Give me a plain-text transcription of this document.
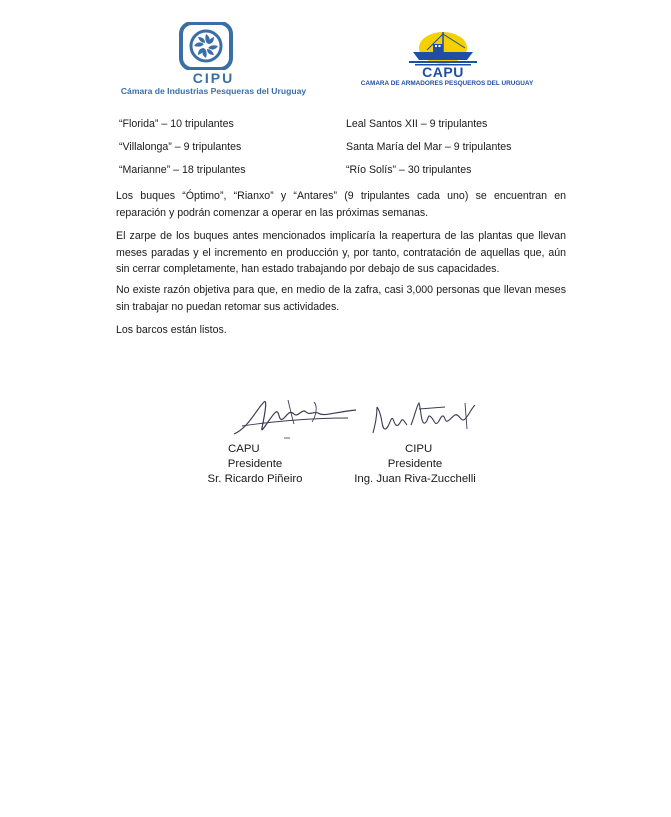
CIPU
Cámara de Industrias Pesqueras del Uruguay
CAPU
CAMARA DE ARMADORES PESQUEROS DEL URUGUAY
“Florida” – 10 tripulantes	Leal Santos XII – 9 tripulantes
“Villalonga” – 9 tripulantes	Santa María del Mar – 9 tripulantes
“Marianne” – 18 tripulantes	“Río Solís” – 30 tripulantes

Los buques “Óptimo”, “Rianxo” y “Antares” (9 tripulantes cada uno) se encuentran en reparación y podrán comenzar a operar en las próximas semanas.

El zarpe de los buques antes mencionados implicaría la reapertura de las plantas que llevan meses paradas y el incremento en producción y, por tanto, contratación de aquellas que, aún sin cerrar completamente, han estado trabajando por debajo de sus capacidades.

No existe razón objetiva para que, en medio de la zafra, casi 3,000 personas que llevan meses sin trabajar no puedan retomar sus actividades.

Los barcos están listos.

CAPU
Presidente
Sr. Ricardo Piñeiro
CIPU
Presidente
Ing. Juan Riva-Zucchelli
